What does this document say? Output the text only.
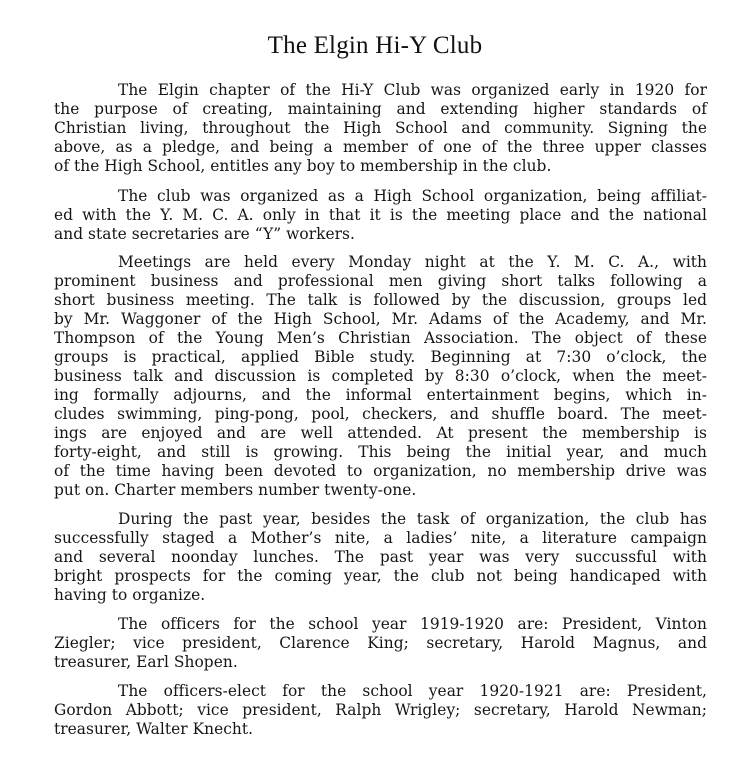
The Elgin Hi-Y Club
The Elgin chapter of the Hi-Y Club was organized early in 1920 for
the purpose of creating, maintaining and extending higher standards of
Christian living, throughout the High School and community. Signing the
above, as a pledge, and being a member of one of the three upper classes
of the High School, entitles any boy to membership in the club.
The club was organized as a High School organization, being affiliat-
ed with the Y. M. C. A. only in that it is the meeting place and the national
and state secretaries are “Y” workers.
Meetings are held every Monday night at the Y. M. C. A., with
prominent business and professional men giving short talks following a
short business meeting. The talk is followed by the discussion, groups led
by Mr. Waggoner of the High School, Mr. Adams of the Academy, and Mr.
Thompson of the Young Men’s Christian Association. The object of these
groups is practical, applied Bible study. Beginning at 7:30 o’clock, the
business talk and discussion is completed by 8:30 o’clock, when the meet-
ing formally adjourns, and the informal entertainment begins, which in-
cludes swimming, ping-pong, pool, checkers, and shuffle board. The meet-
ings are enjoyed and are well attended. At present the membership is
forty-eight, and still is growing. This being the initial year, and much
of the time having been devoted to organization, no membership drive was
put on. Charter members number twenty-one.
During the past year, besides the task of organization, the club has
successfully staged a Mother’s nite, a ladies’ nite, a literature campaign
and several noonday lunches. The past year was very succussful with
bright prospects for the coming year, the club not being handicaped with
having to organize.
The officers for the school year 1919-1920 are: President, Vinton
Ziegler; vice president, Clarence King; secretary, Harold Magnus, and
treasurer, Earl Shopen.
The officers-elect for the school year 1920-1921 are: President,
Gordon Abbott; vice president, Ralph Wrigley; secretary, Harold Newman;
treasurer, Walter Knecht.
